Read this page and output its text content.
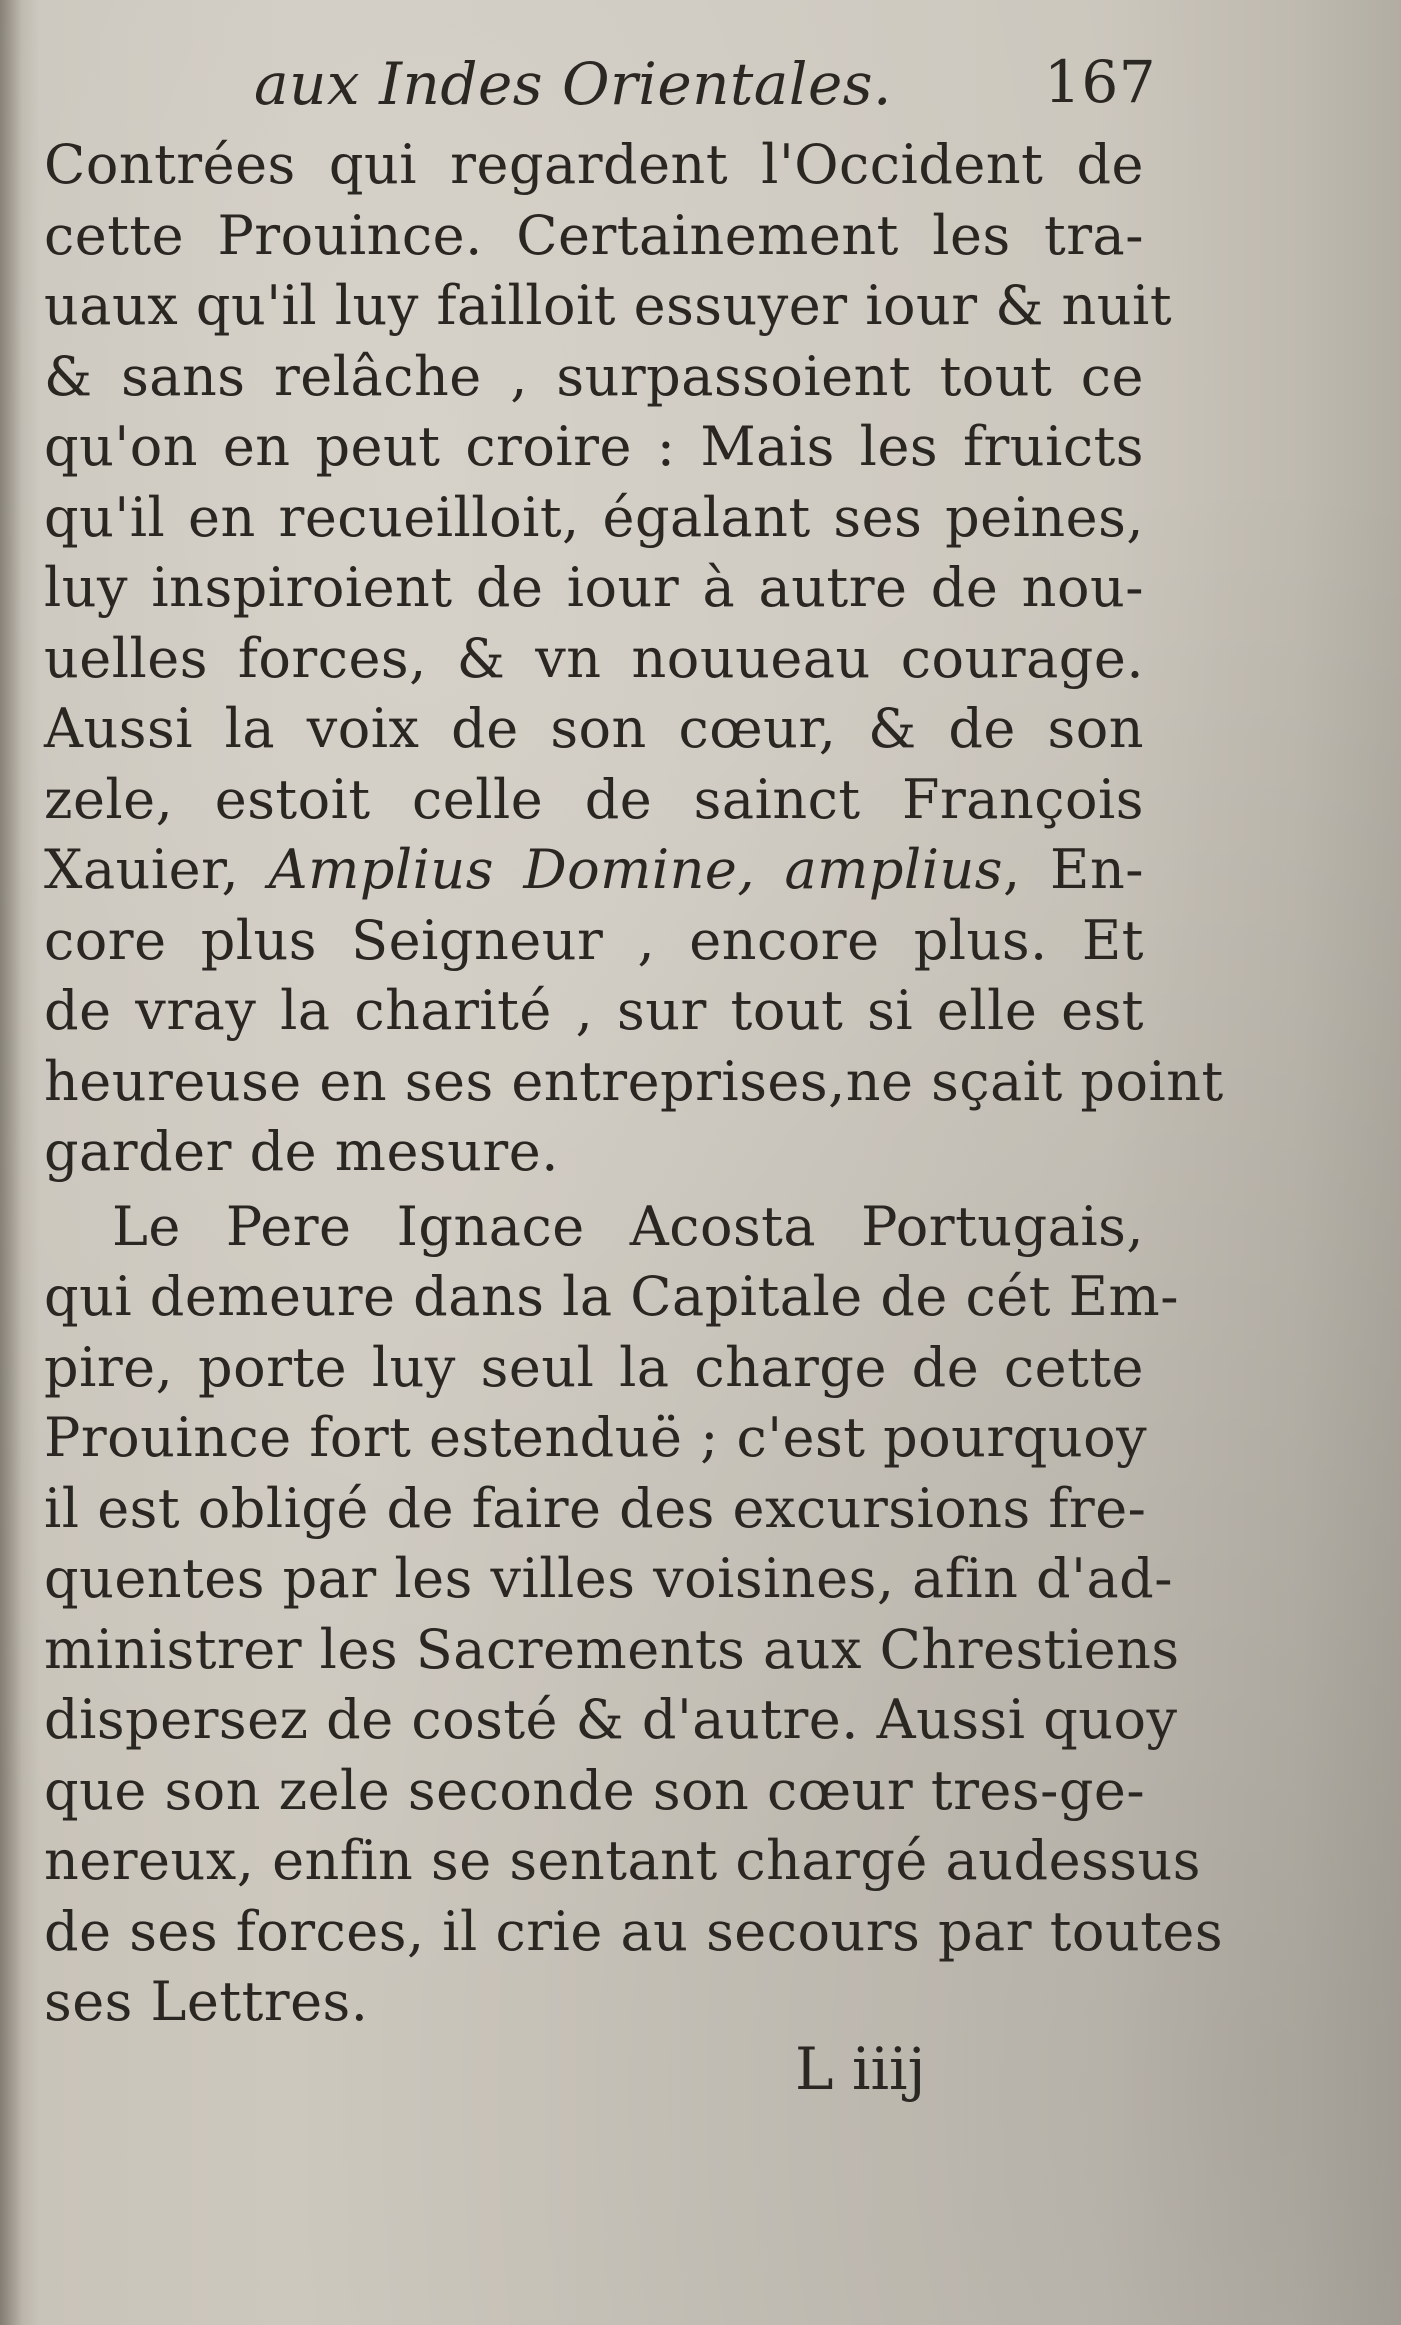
aux Indes Orientales.	167
Contrées qui regardent l'Occident de
cette Prouince. Certainement les tra-
uaux qu'il luy failloit essuyer iour & nuit
& sans relâche , surpassoient tout ce
qu'on en peut croire : Mais les fruicts
qu'il en recueilloit, égalant ses peines,
luy inspiroient de iour à autre de nou-
uelles forces, & vn nouueau courage.
Aussi la voix de son cœur, & de son
zele, estoit celle de sainct François
Xauier, Amplius Domine, amplius, En-
core plus Seigneur , encore plus. Et
de vray la charité , sur tout si elle est
heureuse en ses entreprises,ne sçait point
garder de mesure.
Le Pere Ignace Acosta Portugais,
qui demeure dans la Capitale de cét Em-
pire, porte luy seul la charge de cette
Prouince fort estenduë ; c'est pourquoy
il est obligé de faire des excursions fre-
quentes par les villes voisines, afin d'ad-
ministrer les Sacrements aux Chrestiens
dispersez de costé & d'autre. Aussi quoy
que son zele seconde son cœur tres-ge-
nereux, enfin se sentant chargé audessus
de ses forces, il crie au secours par toutes
ses Lettres.
L iiij
